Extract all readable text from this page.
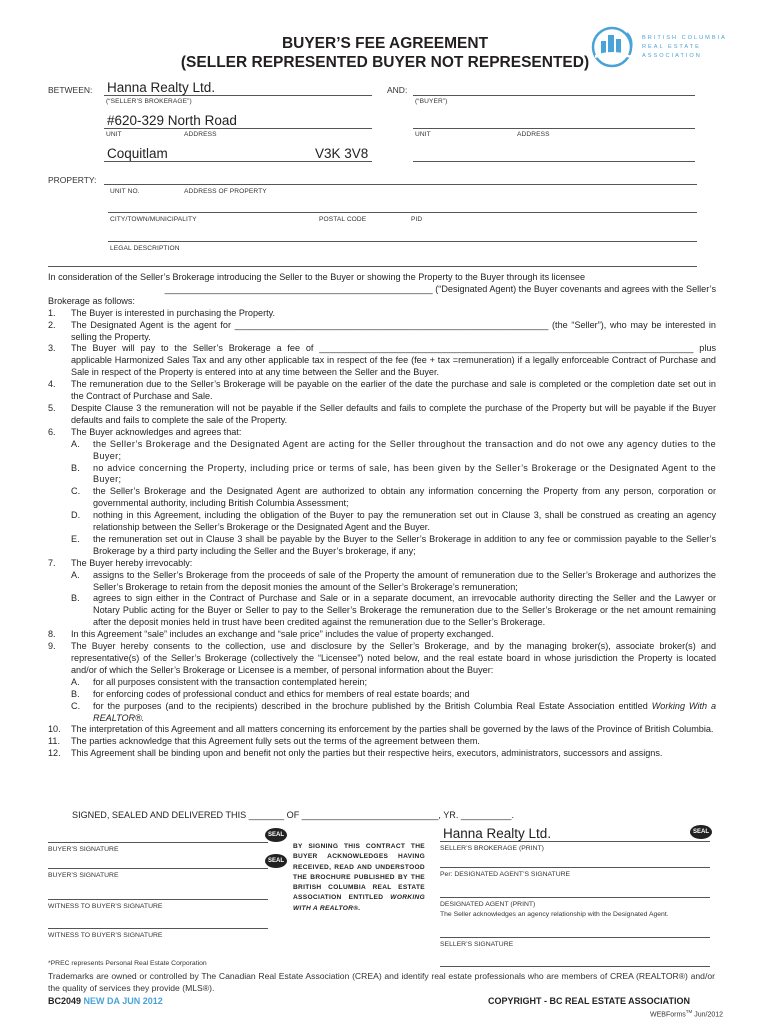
BUYER’S FEE AGREEMENT
(SELLER REPRESENTED BUYER NOT REPRESENTED)
BRITISH COLUMBIA
REAL ESTATE
ASSOCIATION
BETWEEN: Hanna Realty Ltd.
(“SELLER’S BROKERAGE”)
AND:
(“BUYER”)
#620-329 North Road
UNIT	ADDRESS	UNIT	ADDRESS
Coquitlam	V3K 3V8
PROPERTY:
UNIT NO.	ADDRESS OF PROPERTY
CITY/TOWN/MUNICIPALITY	POSTAL CODE	PID
LEGAL DESCRIPTION
In consideration of the Seller’s Brokerage introducing the Seller to the Buyer or showing the Property to the Buyer through its licensee
_____________________________________________________ (“Designated Agent) the Buyer covenants and agrees with the Seller’s
Brokerage as follows:
1. The Buyer is interested in purchasing the Property.
2. The Designated Agent is the agent for ______________________________________________________________ (the “Seller”), who may be interested in selling the Property.
3. The Buyer will pay to the Seller’s Brokerage a fee of __________________________________________________________________________ plus applicable Harmonized Sales Tax and any other applicable tax in respect of the fee (fee + tax =remuneration) if a legally enforceable Contract of Purchase and Sale in respect of the Property is entered into at any time between the Seller and the Buyer.
4. The remuneration due to the Seller’s Brokerage will be payable on the earlier of the date the purchase and sale is completed or the completion date set out in the Contract of Purchase and Sale.
5. Despite Clause 3 the remuneration will not be payable if the Seller defaults and fails to complete the purchase of the Property but will be payable if the Buyer defaults and fails to complete the sale of the Property.
6. The Buyer acknowledges and agrees that:
A. the Seller’s Brokerage and the Designated Agent are acting for the Seller throughout the transaction and do not owe any agency duties to the Buyer;
B. no advice concerning the Property, including price or terms of sale, has been given by the Seller’s Brokerage or the Designated Agent to the Buyer;
C. the Seller’s Brokerage and the Designated Agent are authorized to obtain any information concerning the Property from any person, corporation or governmental authority, including British Columbia Assessment;
D. nothing in this Agreement, including the obligation of the Buyer to pay the remuneration set out in Clause 3, shall be construed as creating an agency relationship between the Seller’s Brokerage or the Designated Agent and the Buyer.
E. the remuneration set out in Clause 3 shall be payable by the Buyer to the Seller’s Brokerage in addition to any fee or commission payable to the Seller’s Brokerage by a third party including the Seller and the Buyer’s brokerage, if any;
7. The Buyer hereby irrevocably:
A. assigns to the Seller’s Brokerage from the proceeds of sale of the Property the amount of remuneration due to the Seller’s Brokerage and authorizes the Seller’s Brokerage to retain from the deposit monies the amount of the Seller’s Brokerage’s remuneration;
B. agrees to sign either in the Contract of Purchase and Sale or in a separate document, an irrevocable authority directing the Seller and the Lawyer or Notary Public acting for the Buyer or Seller to pay to the Seller’s Brokerage the remuneration due to the Seller’s Brokerage or the net amount remaining after the deposit monies held in trust have been credited against the remuneration due to the Seller’s Brokerage.
8. In this Agreement “sale” includes an exchange and “sale price” includes the value of property exchanged.
9. The Buyer hereby consents to the collection, use and disclosure by the Seller’s Brokerage, and by the managing broker(s), associate broker(s) and representative(s) of the Seller’s Brokerage (collectively the “Licensee”) noted below, and the real estate board in whose jurisdiction the Property is located and/or of which the Seller’s Brokerage or Licensee is a member, of personal information about the Buyer:
A. for all purposes consistent with the transaction contemplated herein;
B. for enforcing codes of professional conduct and ethics for members of real estate boards; and
C. for the purposes (and to the recipients) described in the brochure published by the British Columbia Real Estate Association entitled Working With a REALTOR®.
10. The interpretation of this Agreement and all matters concerning its enforcement by the parties shall be governed by the laws of the Province of British Columbia.
11. The parties acknowledge that this Agreement fully sets out the terms of the agreement between them.
12. This Agreement shall be binding upon and benefit not only the parties but their respective heirs, executors, administrators, successors and assigns.
SIGNED, SEALED AND DELIVERED THIS _______ OF ___________________________, YR. __________.
SEAL
BUYER’S SIGNATURE
SEAL
BUYER’S SIGNATURE
WITNESS TO BUYER’S SIGNATURE
WITNESS TO BUYER’S SIGNATURE
BY SIGNING THIS CONTRACT THE BUYER ACKNOWLEDGES HAVING RECEIVED, READ AND UNDERSTOOD THE BROCHURE PUBLISHED BY THE BRITISH COLUMBIA REAL ESTATE ASSOCIATION ENTITLED WORKING WITH A REALTOR®.
Hanna Realty Ltd.	SEAL
SELLER’S BROKERAGE (PRINT)
Per: DESIGNATED AGENT’S SIGNATURE
DESIGNATED AGENT (PRINT)
The Seller acknowledges an agency relationship with the Designated Agent.
SELLER’S SIGNATURE
*PREC represents Personal Real Estate Corporation
Trademarks are owned or controlled by The Canadian Real Estate Association (CREA) and identify real estate professionals who are members of CREA (REALTOR®) and/or the quality of services they provide (MLS®).
BC2049 NEW DA JUN 2012	COPYRIGHT - BC REAL ESTATE ASSOCIATION
WEBForms™ Jun/2012
